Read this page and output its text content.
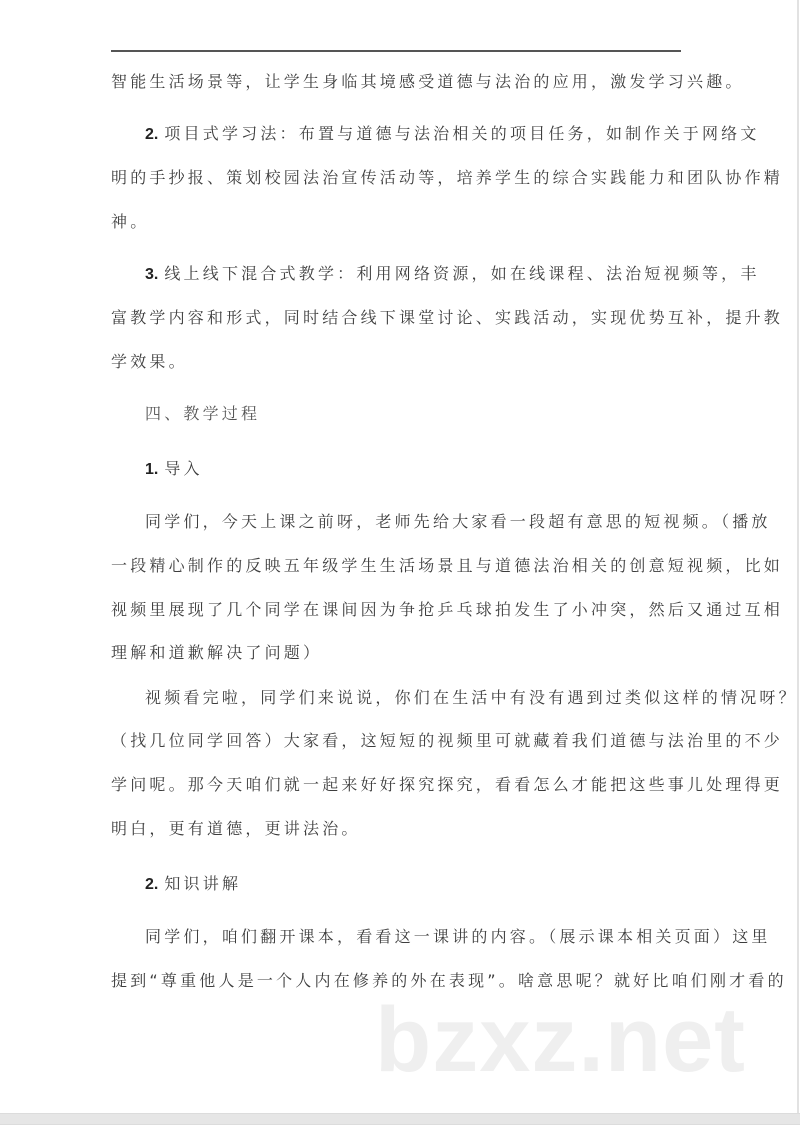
智能生活场景等，让学生身临其境感受道德与法治的应用，激发学习兴趣。
2. 项目式学习法：布置与道德与法治相关的项目任务，如制作关于网络文
明的手抄报、策划校园法治宣传活动等，培养学生的综合实践能力和团队协作精
神。
3. 线上线下混合式教学：利用网络资源，如在线课程、法治短视频等，丰
富教学内容和形式，同时结合线下课堂讨论、实践活动，实现优势互补，提升教
学效果。
四、教学过程
1. 导入
同学们，今天上课之前呀，老师先给大家看一段超有意思的短视频。（播放
一段精心制作的反映五年级学生生活场景且与道德法治相关的创意短视频，比如
视频里展现了几个同学在课间因为争抢乒乓球拍发生了小冲突，然后又通过互相
理解和道歉解决了问题）
视频看完啦，同学们来说说，你们在生活中有没有遇到过类似这样的情况呀？
（找几位同学回答）大家看，这短短的视频里可就藏着我们道德与法治里的不少
学问呢。那今天咱们就一起来好好探究探究，看看怎么才能把这些事儿处理得更
明白，更有道德，更讲法治。
2. 知识讲解
同学们，咱们翻开课本，看看这一课讲的内容。（展示课本相关页面）这里
提到“尊重他人是一个人内在修养的外在表现”。啥意思呢？就好比咱们刚才看的
bzxz.net
